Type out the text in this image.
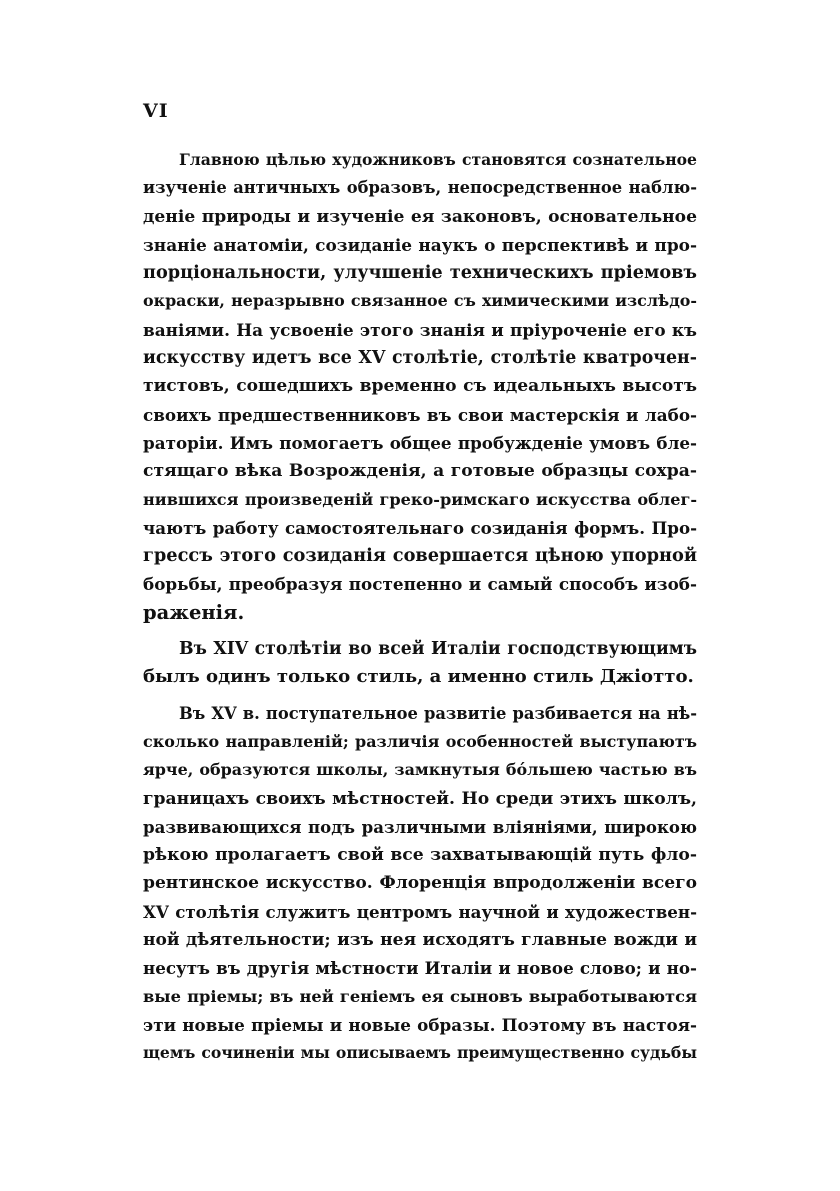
VI
Главною цѣлью художниковъ становятся сознательное
изученіе античныхъ образовъ, непосредственное наблю-
деніе природы и изученіе ея законовъ, основательное
знаніе анатоміи, созиданіе наукъ о перспективѣ и про-
порціональности, улучшеніе техническихъ пріемовъ
окраски, неразрывно связанное съ химическими изслѣдо-
ваніями. На усвоеніе этого знанія и пріуроченіе его къ
искусству идетъ все XV столѣтіе, столѣтіе кватрочен-
тистовъ, сошедшихъ временно съ идеальныхъ высотъ
своихъ предшественниковъ въ свои мастерскія и лабо-
раторіи. Имъ помогаетъ общее пробужденіе умовъ бле-
стящаго вѣка Возрожденія, а готовые образцы сохра-
нившихся произведеній греко-римскаго искусства облег-
чаютъ работу самостоятельнаго созиданія формъ. Про-
грессъ этого созиданія совершается цѣною упорной
борьбы, преобразуя постепенно и самый способъ изоб-
раженія.
Въ XIV столѣтіи во всей Италіи господствующимъ
былъ одинъ только стиль, а именно стиль Джіотто.
Въ XV в. поступательное развитіе разбивается на нѣ-
сколько направленій; различія особенностей выступаютъ
ярче, образуются школы, замкнутыя бо́льшею частью въ
границахъ своихъ мѣстностей. Но среди этихъ школъ,
развивающихся подъ различными вліяніями, широкою
рѣкою пролагаетъ свой все захватывающій путь фло-
рентинское искусство. Флоренція впродолженіи всего
XV столѣтія служитъ центромъ научной и художествен-
ной дѣятельности; изъ нея исходятъ главные вожди и
несутъ въ другія мѣстности Италіи и новое слово; и но-
вые пріемы; въ ней геніемъ ея сыновъ выработываются
эти новые пріемы и новые образы. Поэтому въ настоя-
щемъ сочиненіи мы описываемъ преимущественно судьбы
